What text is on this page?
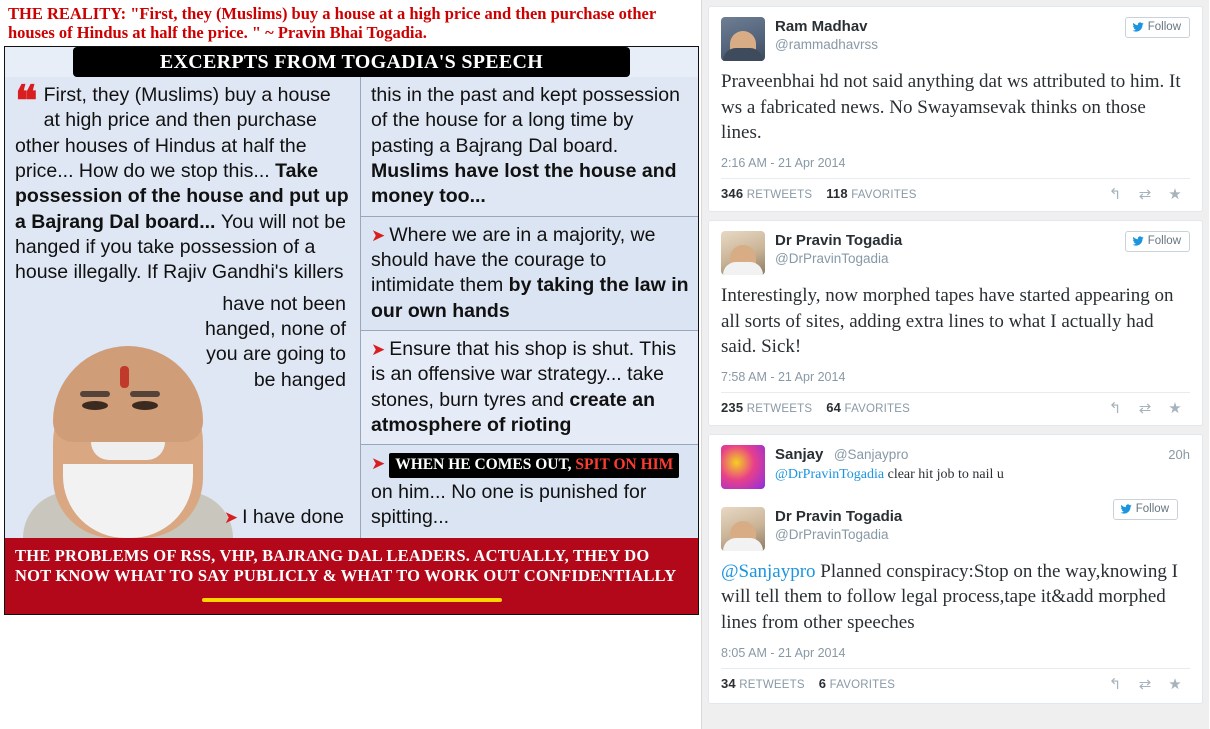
THE REALITY: "First, they (Muslims) buy a house at a high price and then purchase other houses of Hindus at half the price. " ~ Pravin Bhai Togadia.
EXCERPTS FROM TOGADIA'S SPEECH
❝ First, they (Muslims) buy a house at high price and then purchase other houses of Hindus at half the price... How do we stop this... Take possession of the house and put up a Bajrang Dal board... You will not be hanged if you take possession of a house illegally. If Rajiv Gandhi's killers
have not been hanged, none of you are going to be hanged
➤ I have done
this in the past and kept possession of the house for a long time by pasting a Bajrang Dal board. Muslims have lost the house and money too...
➤ Where we are in a majority, we should have the courage to intimidate them by taking the law in our own hands
➤ Ensure that his shop is shut. This is an offensive war strategy... take stones, burn tyres and create an atmosphere of rioting
➤ WHEN HE COMES OUT, SPIT ON HIM
on him... No one is punished for spitting...
THE PROBLEMS OF RSS, VHP, BAJRANG DAL LEADERS. ACTUALLY, THEY DO NOT KNOW WHAT TO SAY PUBLICLY & WHAT TO WORK OUT CONFIDENTIALLY
Ram Madhav
@rammadhavrss
Follow
Praveenbhai hd not said anything dat ws attributed to him. It ws a fabricated news. No Swayamsevak thinks on those lines.
2:16 AM - 21 Apr 2014
346 RETWEETS 118 FAVORITES	↰	⇄	★
Dr Pravin Togadia
@DrPravinTogadia
Follow
Interestingly, now morphed tapes have started appearing on all sorts of sites, adding extra lines to what I actually had said. Sick!
7:58 AM - 21 Apr 2014
235 RETWEETS 64 FAVORITES	↰	⇄	★
Sanjay @Sanjaypro
@DrPravinTogadia clear hit job to nail u
20h
Dr Pravin Togadia
@DrPravinTogadia
Follow
@Sanjaypro Planned conspiracy:Stop on the way,knowing I will tell them to follow legal process,tape it&add morphed lines from other speeches
8:05 AM - 21 Apr 2014
34 RETWEETS 6 FAVORITES	↰	⇄	★
